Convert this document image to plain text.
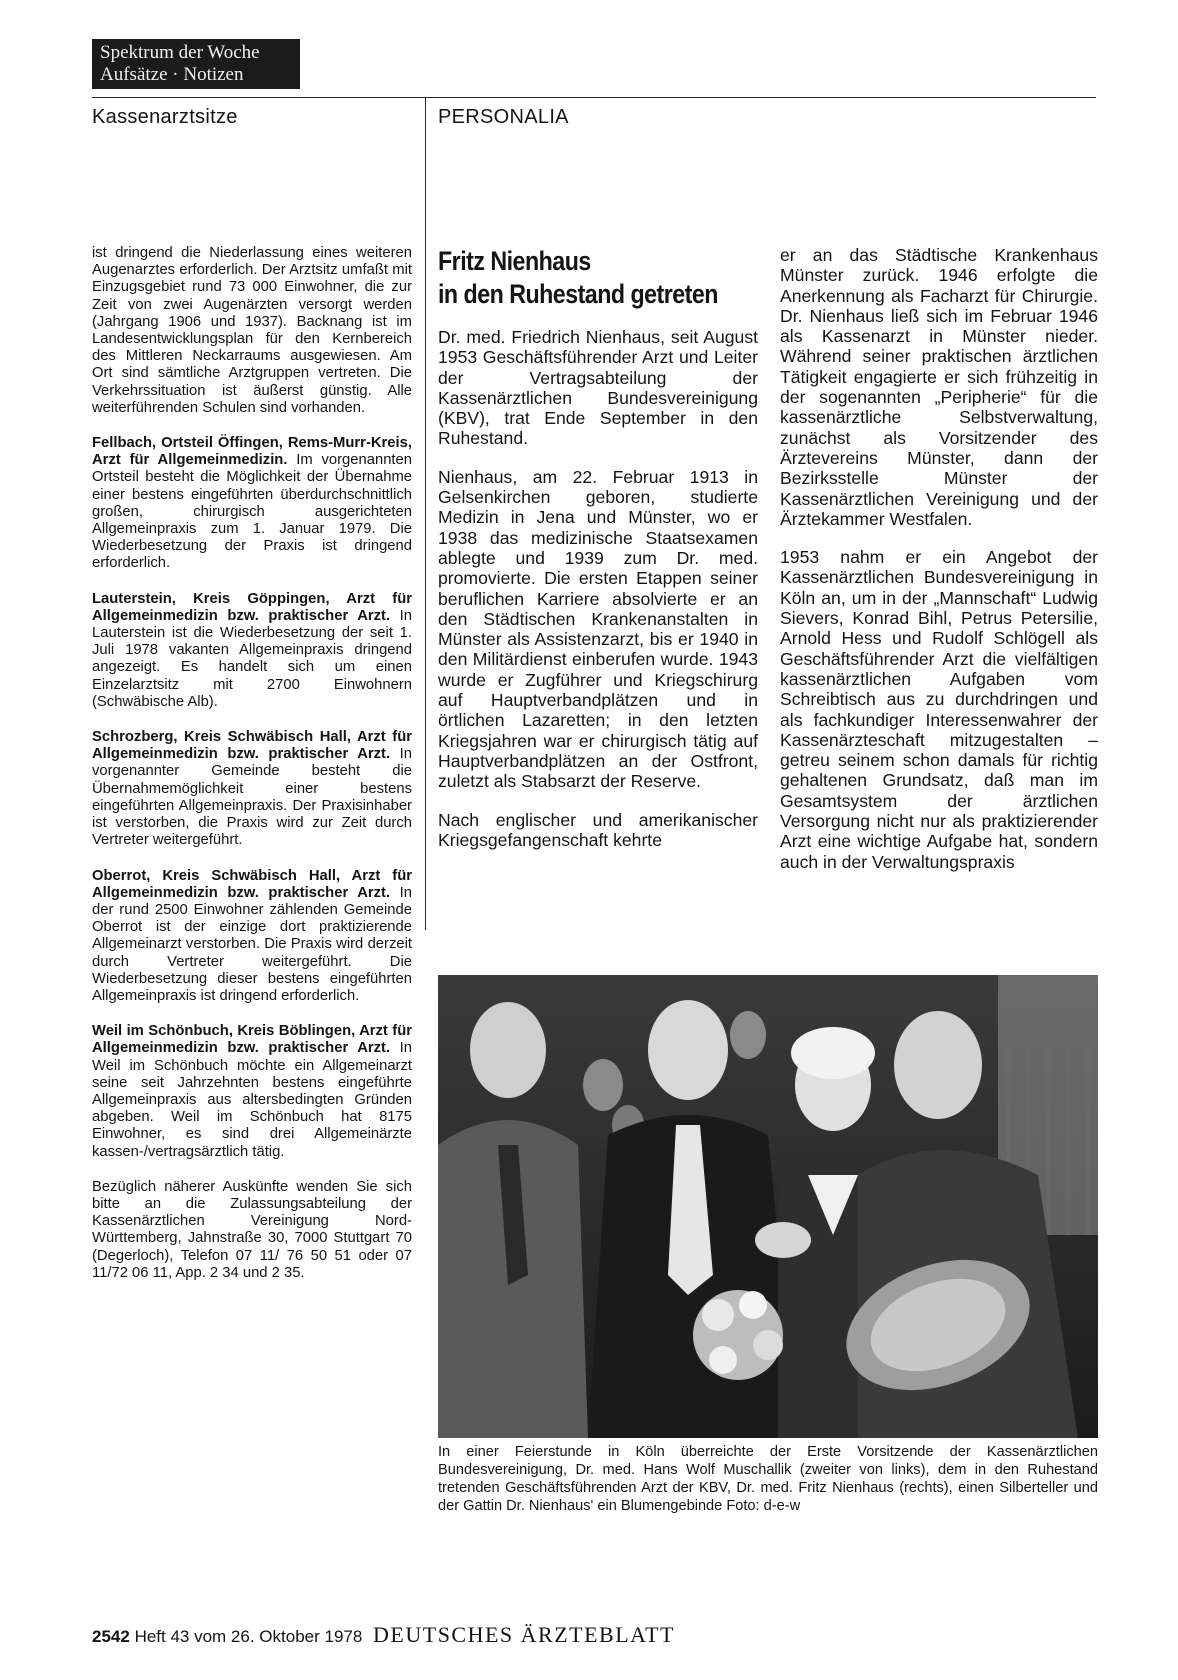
Spektrum der Woche
Aufsätze · Notizen
Kassenarztsitze	PERSONALIA

ist dringend die Niederlassung eines weiteren Augenarztes erforderlich. Der Arztsitz umfaßt mit Einzugsgebiet rund 73 000 Einwohner, die zur Zeit von zwei Augenärzten versorgt werden (Jahrgang 1906 und 1937). Backnang ist im Landesentwicklungsplan für den Kernbereich des Mittleren Neckarraums ausgewiesen. Am Ort sind sämtliche Arztgruppen vertreten. Die Verkehrssituation ist äußerst günstig. Alle weiterführenden Schulen sind vorhanden.

Fellbach, Ortsteil Öffingen, Rems-Murr-Kreis, Arzt für Allgemeinmedizin. Im vorgenannten Ortsteil besteht die Möglichkeit der Übernahme einer bestens eingeführten überdurchschnittlich großen, chirurgisch ausgerichteten Allgemeinpraxis zum 1. Januar 1979. Die Wiederbesetzung der Praxis ist dringend erforderlich.

Lauterstein, Kreis Göppingen, Arzt für Allgemeinmedizin bzw. praktischer Arzt. In Lauterstein ist die Wiederbesetzung der seit 1. Juli 1978 vakanten Allgemeinpraxis dringend angezeigt. Es handelt sich um einen Einzelarztsitz mit 2700 Einwohnern (Schwäbische Alb).

Schrozberg, Kreis Schwäbisch Hall, Arzt für Allgemeinmedizin bzw. praktischer Arzt. In vorgenannter Gemeinde besteht die Übernahmemöglichkeit einer bestens eingeführten Allgemeinpraxis. Der Praxisinhaber ist verstorben, die Praxis wird zur Zeit durch Vertreter weitergeführt.

Oberrot, Kreis Schwäbisch Hall, Arzt für Allgemeinmedizin bzw. praktischer Arzt. In der rund 2500 Einwohner zählenden Gemeinde Oberrot ist der einzige dort praktizierende Allgemeinarzt verstorben. Die Praxis wird derzeit durch Vertreter weitergeführt. Die Wiederbesetzung dieser bestens eingeführten Allgemeinpraxis ist dringend erforderlich.

Weil im Schönbuch, Kreis Böblingen, Arzt für Allgemeinmedizin bzw. praktischer Arzt. In Weil im Schönbuch möchte ein Allgemeinarzt seine seit Jahrzehnten bestens eingeführte Allgemeinpraxis aus altersbedingten Gründen abgeben. Weil im Schönbuch hat 8175 Einwohner, es sind drei Allgemeinärzte kassen-/vertragsärztlich tätig.

Bezüglich näherer Auskünfte wenden Sie sich bitte an die Zulassungsabteilung der Kassenärztlichen Vereinigung Nord-Württemberg, Jahnstraße 30, 7000 Stuttgart 70 (Degerloch), Telefon 07 11/ 76 50 51 oder 07 11/72 06 11, App. 2 34 und 2 35.

Fritz Nienhaus
in den Ruhestand getreten

Dr. med. Friedrich Nienhaus, seit August 1953 Geschäftsführender Arzt und Leiter der Vertragsabteilung der Kassenärztlichen Bundesvereinigung (KBV), trat Ende September in den Ruhestand.

Nienhaus, am 22. Februar 1913 in Gelsenkirchen geboren, studierte Medizin in Jena und Münster, wo er 1938 das medizinische Staatsexamen ablegte und 1939 zum Dr. med. promovierte. Die ersten Etappen seiner beruflichen Karriere absolvierte er an den Städtischen Krankenanstalten in Münster als Assistenzarzt, bis er 1940 in den Militärdienst einberufen wurde. 1943 wurde er Zugführer und Kriegschirurg auf Hauptverbandplätzen und in örtlichen Lazaretten; in den letzten Kriegsjahren war er chirurgisch tätig auf Hauptverbandplätzen an der Ostfront, zuletzt als Stabsarzt der Reserve.

Nach englischer und amerikanischer Kriegsgefangenschaft kehrte

er an das Städtische Krankenhaus Münster zurück. 1946 erfolgte die Anerkennung als Facharzt für Chirurgie. Dr. Nienhaus ließ sich im Februar 1946 als Kassenarzt in Münster nieder. Während seiner praktischen ärztlichen Tätigkeit engagierte er sich frühzeitig in der sogenannten „Peripherie“ für die kassenärztliche Selbstverwaltung, zunächst als Vorsitzender des Ärztevereins Münster, dann der Bezirksstelle Münster der Kassenärztlichen Vereinigung und der Ärztekammer Westfalen.

1953 nahm er ein Angebot der Kassenärztlichen Bundesvereinigung in Köln an, um in der „Mannschaft“ Ludwig Sievers, Konrad Bihl, Petrus Petersilie, Arnold Hess und Rudolf Schlögell als Geschäftsführender Arzt die vielfältigen kassenärztlichen Aufgaben vom Schreibtisch aus zu durchdringen und als fachkundiger Interessenwahrer der Kassenärzteschaft mitzugestalten – getreu seinem schon damals für richtig gehaltenen Grundsatz, daß man im Gesamtsystem der ärztlichen Versorgung nicht nur als praktizierender Arzt eine wichtige Aufgabe hat, sondern auch in der Verwaltungspraxis

In einer Feierstunde in Köln überreichte der Erste Vorsitzende der Kassenärztlichen Bundesvereinigung, Dr. med. Hans Wolf Muschallik (zweiter von links), dem in den Ruhestand tretenden Geschäftsführenden Arzt der KBV, Dr. med. Fritz Nienhaus (rechts), einen Silberteller und der Gattin Dr. Nienhaus' ein Blumengebinde Foto: d-e-w
2542 Heft 43 vom 26. Oktober 1978 DEUTSCHES ÄRZTEBLATT
